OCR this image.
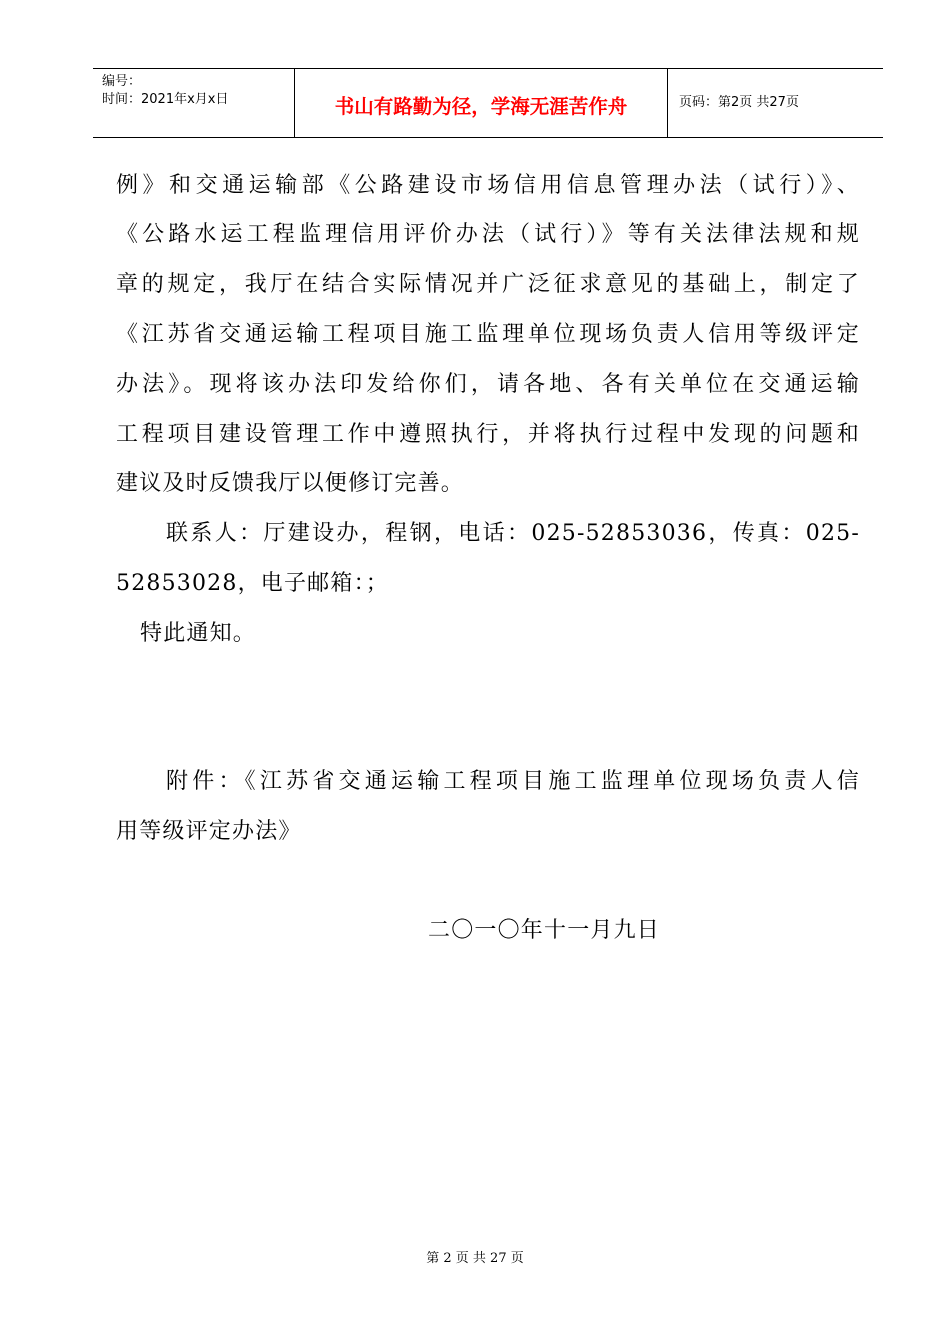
编号：
时间：2021年x月x日	书山有路勤为径，学海无涯苦作舟	页码：第2页 共27页
例》和交通运输部《公路建设市场信用信息管理办法（试行）》、
《公路水运工程监理信用评价办法（试行）》等有关法律法规和规
章的规定，我厅在结合实际情况并广泛征求意见的基础上，制定了
《江苏省交通运输工程项目施工监理单位现场负责人信用等级评定
办法》。现将该办法印发给你们，请各地、各有关单位在交通运输
工程项目建设管理工作中遵照执行，并将执行过程中发现的问题和
建议及时反馈我厅以便修订完善。
联系人：厅建设办，程钢，电话：025-52853036，传真：025-
52853028，电子邮箱：；
特此通知。
附件：《江苏省交通运输工程项目施工监理单位现场负责人信
用等级评定办法》
二〇一〇年十一月九日
第 2 页 共 27 页
